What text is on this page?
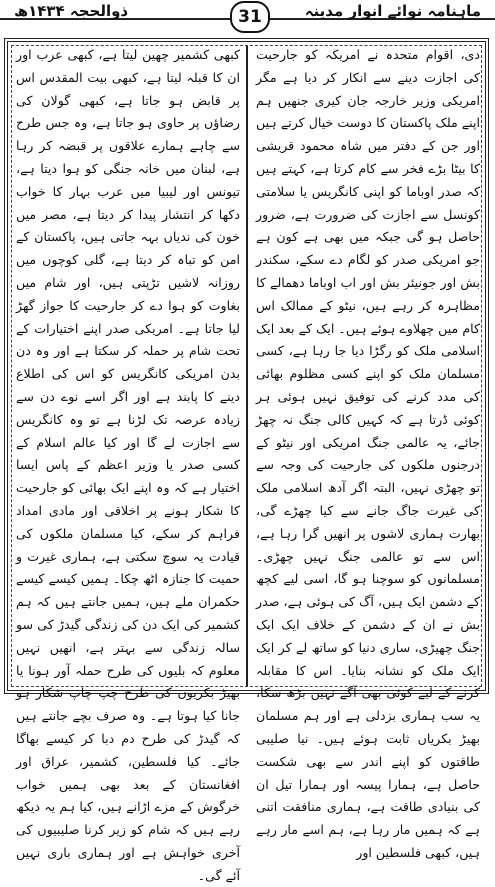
ذوالحجہ ۱۴۳۴ھ	31	ماہنامہ نوائے انوار مدینہ

دی، اقوام متحدہ نے امریکہ کو جارحیت کی اجازت دینے سے انکار کر دیا ہے مگر امریکی وزیر خارجہ جان کیری جنھیں ہم اپنے ملک پاکستان کا دوست خیال کرتے ہیں اور جن کے دفتر میں شاہ محمود قریشی کا بیٹا بڑے فخر سے کام کرتا ہے، کہتے ہیں کہ صدر اوباما کو اپنی کانگریس یا سلامتی کونسل سے اجازت کی ضرورت ہے، ضرور حاصل ہو گی جبکہ میں بھی ہے کون ہے جو امریکی صدر کو لگام دے سکے، سکندر بش اور جونیئر بش اور اب اوباما دھمالے کا مظاہرہ کر رہے ہیں، نیٹو کے ممالک اس کام میں چھلاوے ہوئے ہیں۔ ایک کے بعد ایک اسلامی ملک کو رگڑا دیا جا رہا ہے، کسی مسلمان ملک کو اپنے کسی مظلوم بھائی کی مدد کرنے کی توفیق نہیں ہوئی ہر کوئی ڈرتا ہے کہ کہیں کالی جنگ نہ چھڑ جائے، یہ عالمی جنگ امریکی اور نیٹو کے درجنوں ملکوں کی جارحیت کی وجہ سے تو چھڑی نہیں، البتہ اگر آدھ اسلامی ملک کی غیرت جاگ جانے سے کیا چھڑے گی، بھارت ہماری لاشوں پر انھیں گرا رہا ہے، اس سے تو عالمی جنگ نہیں چھڑی۔ مسلمانوں کو سوچنا ہو گا، اسی لیے کچھ کے دشمن ایک ہیں، آگ کی ہوئی ہے، صدر بش نے ان کے دشمن کے خلاف ایک ایک جنگ چھیڑی، ساری دنیا کو ساتھ لے کر ایک ایک ملک کو نشانہ بنایا۔ اس کا مقابلہ کرنے کے لیے کوئی بھی آگے نہیں بڑھ سکا، یہ سب ہماری بزدلی ہے اور ہم مسلمان بھیڑ بکریاں ثابت ہوئے ہیں۔ نیا صلیبی طاقتوں کو اپنے اندر سے بھی شکست حاصل ہے، ہمارا پیسہ اور ہمارا تیل ان کی بنیادی طاقت ہے، ہماری منافقت اتنی ہے کہ ہمیں مار رہا ہے، ہم اسے مار رہے ہیں، کبھی فلسطین اور

کبھی کشمیر چھین لیتا ہے، کبھی عرب اور ان کا قبلہ لیتا ہے، کبھی بیت المقدس اس پر قابض ہو جاتا ہے، کبھی گولان کی رضاؤں پر حاوی ہو جاتا ہے، وہ جس طرح سے چاہے ہمارے علاقوں پر قبضہ کر رہا ہے، لبنان میں خانہ جنگی کو ہوا دیتا ہے، تیونس اور لیبیا میں عرب بہار کا خواب دکھا کر انتشار پیدا کر دیتا ہے، مصر میں خون کی ندیاں بہہ جاتی ہیں، پاکستان کے امن کو تباہ کر دیتا ہے، گلی کوچوں میں روزانہ لاشیں تڑپتی ہیں، اور شام میں بغاوت کو ہوا دے کر جارحیت کا جواز گھڑ لیا جاتا ہے۔ امریکی صدر اپنے اختیارات کے تحت شام پر حملہ کر سکتا ہے اور وہ دن بدن امریکی کانگریس کو اس کی اطلاع دینے کا پابند ہے اور اگر اسے نوے دن سے زیادہ عرصہ تک لڑنا ہے تو وہ کانگریس سے اجازت لے گا اور کیا عالم اسلام کے کسی صدر یا وزیر اعظم کے پاس ایسا اختیار ہے کہ وہ اپنے ایک بھائی کو جارحیت کا شکار ہونے پر اخلاقی اور مادی امداد فراہم کر سکے، کیا مسلمان ملکوں کی قیادت یہ سوچ سکتی ہے، ہماری غیرت و حمیت کا جنازہ اٹھ چکا۔ ہمیں کیسے کیسے حکمران ملے ہیں، ہمیں جانتے ہیں کہ ہم کشمیر کی ایک دن کی زندگی گیدڑ کی سو سالہ زندگی سے بہتر ہے، انھیں نہیں معلوم کہ بلیوں کی طرح حملہ آور ہونا یا بھیڑ بکریوں کی طرح چپ چاپ شکار ہو جانا کیا ہوتا ہے۔ وہ صرف بچے جانتے ہیں کہ گیدڑ کی طرح دم دبا کر کیسے بھاگا جائے۔ کیا فلسطین، کشمیر، عراق اور افغانستان کے بعد بھی ہمیں خواب خرگوش کے مزے اڑانے ہیں، کیا ہم یہ دیکھ رہے ہیں کہ شام کو زیر کرنا صلیبیوں کی آخری خواہش ہے اور ہماری باری نہیں آئے گی۔
